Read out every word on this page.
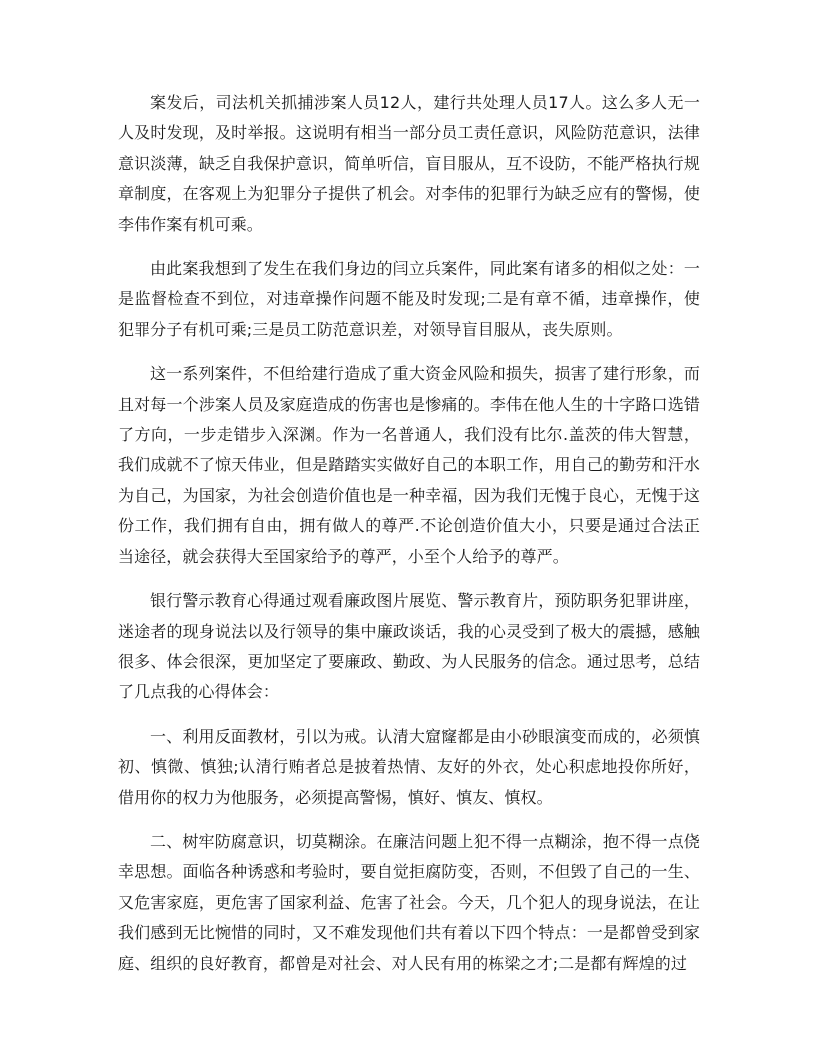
案发后，司法机关抓捕涉案人员12人，建行共处理人员17人。这么多人无一人及时发现，及时举报。这说明有相当一部分员工责任意识，风险防范意识，法律意识淡薄，缺乏自我保护意识，简单听信，盲目服从，互不设防，不能严格执行规章制度，在客观上为犯罪分子提供了机会。对李伟的犯罪行为缺乏应有的警惕，使李伟作案有机可乘。

由此案我想到了发生在我们身边的闫立兵案件，同此案有诸多的相似之处：一是监督检查不到位，对违章操作问题不能及时发现;二是有章不循，违章操作，使犯罪分子有机可乘;三是员工防范意识差，对领导盲目服从，丧失原则。

这一系列案件，不但给建行造成了重大资金风险和损失，损害了建行形象，而且对每一个涉案人员及家庭造成的伤害也是惨痛的。李伟在他人生的十字路口选错了方向，一步走错步入深渊。作为一名普通人，我们没有比尔.盖茨的伟大智慧，我们成就不了惊天伟业，但是踏踏实实做好自己的本职工作，用自己的勤劳和汗水为自己，为国家，为社会创造价值也是一种幸福，因为我们无愧于良心，无愧于这份工作，我们拥有自由，拥有做人的尊严.不论创造价值大小，只要是通过合法正当途径，就会获得大至国家给予的尊严，小至个人给予的尊严。

银行警示教育心得通过观看廉政图片展览、警示教育片，预防职务犯罪讲座，迷途者的现身说法以及行领导的集中廉政谈话，我的心灵受到了极大的震撼，感触很多、体会很深，更加坚定了要廉政、勤政、为人民服务的信念。通过思考，总结了几点我的心得体会：

一、利用反面教材，引以为戒。认清大窟窿都是由小砂眼演变而成的，必须慎初、慎微、慎独;认清行贿者总是披着热情、友好的外衣，处心积虑地投你所好，借用你的权力为他服务，必须提高警惕，慎好、慎友、慎权。

二、树牢防腐意识，切莫糊涂。在廉洁问题上犯不得一点糊涂，抱不得一点侥幸思想。面临各种诱惑和考验时，要自觉拒腐防变，否则，不但毁了自己的一生、又危害家庭，更危害了国家利益、危害了社会。今天，几个犯人的现身说法，在让我们感到无比惋惜的同时，又不难发现他们共有着以下四个特点：一是都曾受到家庭、组织的良好教育，都曾是对社会、对人民有用的栋梁之才;二是都有辉煌的过
